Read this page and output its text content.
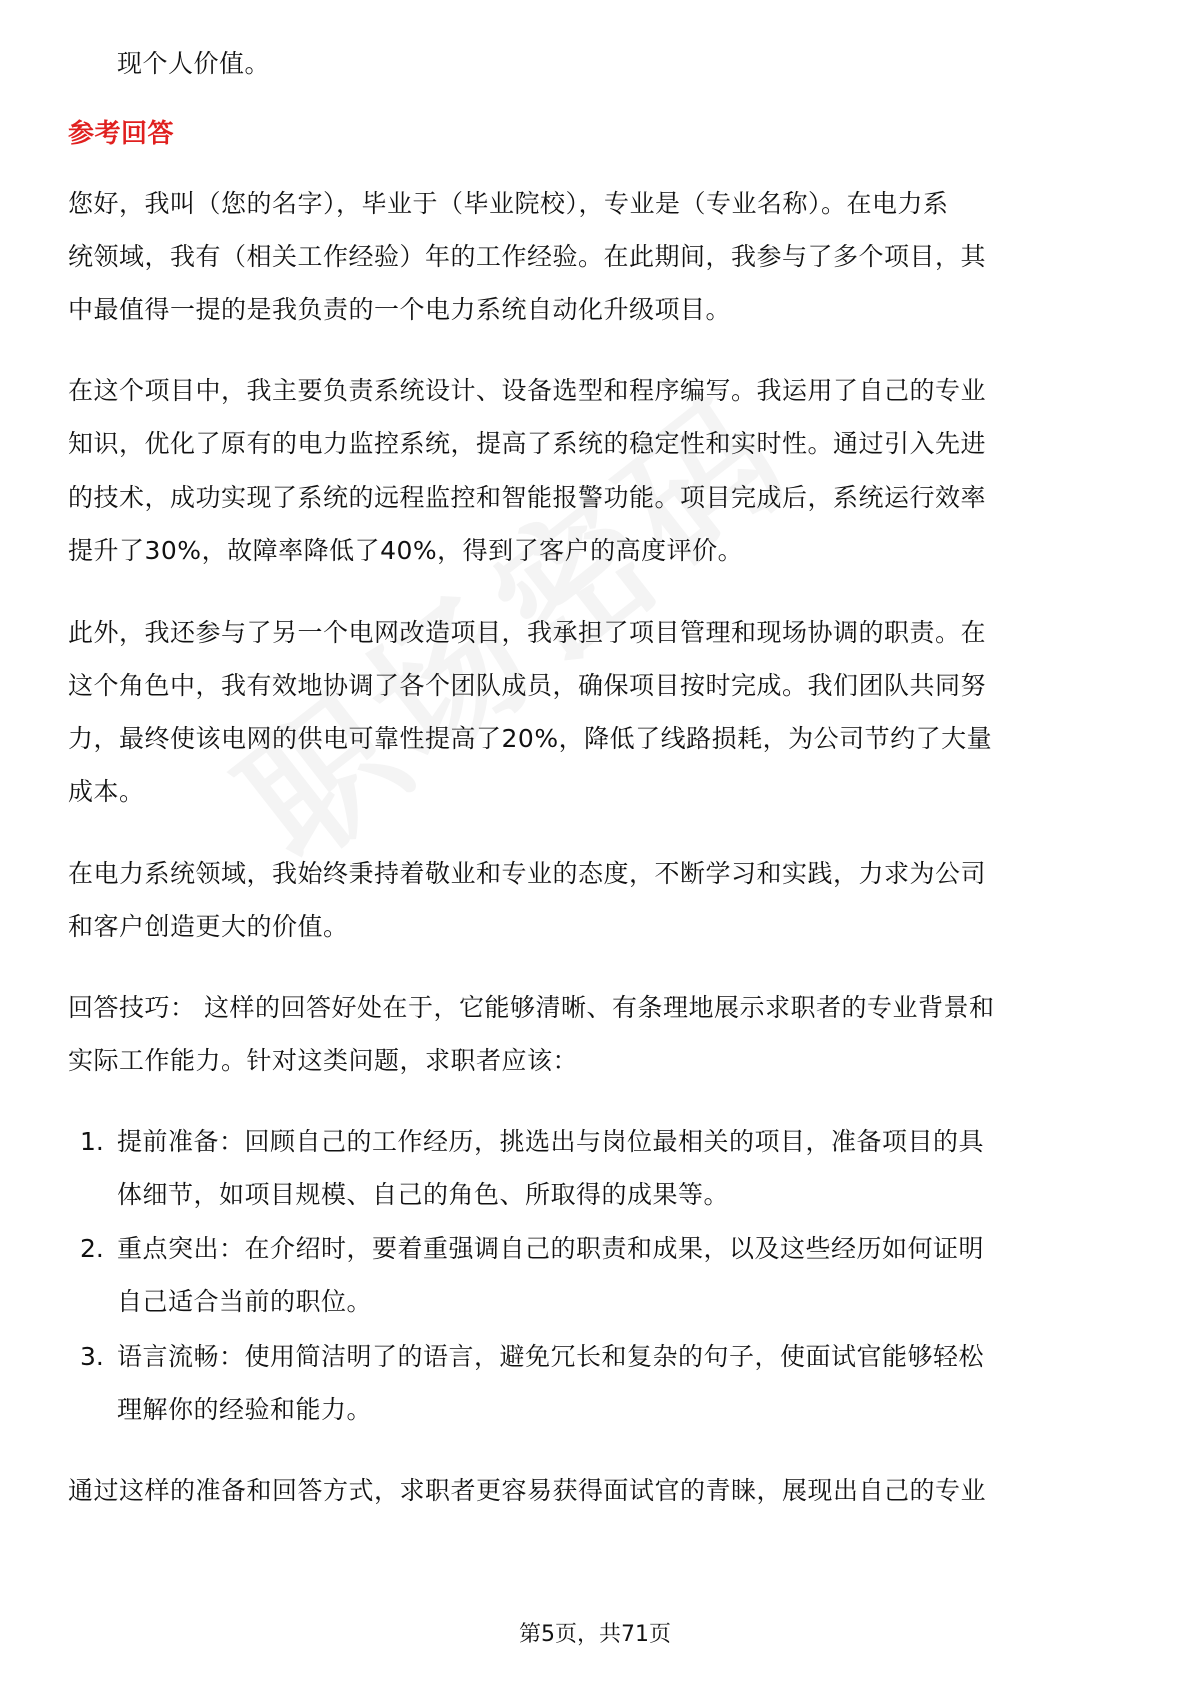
现个人价值。
参考回答
您好，我叫（您的名字），毕业于（毕业院校），专业是（专业名称）。在电力系
统领域，我有（相关工作经验）年的工作经验。在此期间，我参与了多个项目，其
中最值得一提的是我负责的一个电力系统自动化升级项目。
在这个项目中，我主要负责系统设计、设备选型和程序编写。我运用了自己的专业
知识，优化了原有的电力监控系统，提高了系统的稳定性和实时性。通过引入先进
的技术，成功实现了系统的远程监控和智能报警功能。项目完成后，系统运行效率
提升了30%，故障率降低了40%，得到了客户的高度评价。
此外，我还参与了另一个电网改造项目，我承担了项目管理和现场协调的职责。在
这个角色中，我有效地协调了各个团队成员，确保项目按时完成。我们团队共同努
力，最终使该电网的供电可靠性提高了20%，降低了线路损耗，为公司节约了大量
成本。
在电力系统领域，我始终秉持着敬业和专业的态度，不断学习和实践，力求为公司
和客户创造更大的价值。
回答技巧： 这样的回答好处在于，它能够清晰、有条理地展示求职者的专业背景和
实际工作能力。针对这类问题，求职者应该：
1. 提前准备：回顾自己的工作经历，挑选出与岗位最相关的项目，准备项目的具
体细节，如项目规模、自己的角色、所取得的成果等。
2. 重点突出：在介绍时，要着重强调自己的职责和成果，以及这些经历如何证明
自己适合当前的职位。
3. 语言流畅：使用简洁明了的语言，避免冗长和复杂的句子，使面试官能够轻松
理解你的经验和能力。
通过这样的准备和回答方式，求职者更容易获得面试官的青睐，展现出自己的专业
第5页，共71页
